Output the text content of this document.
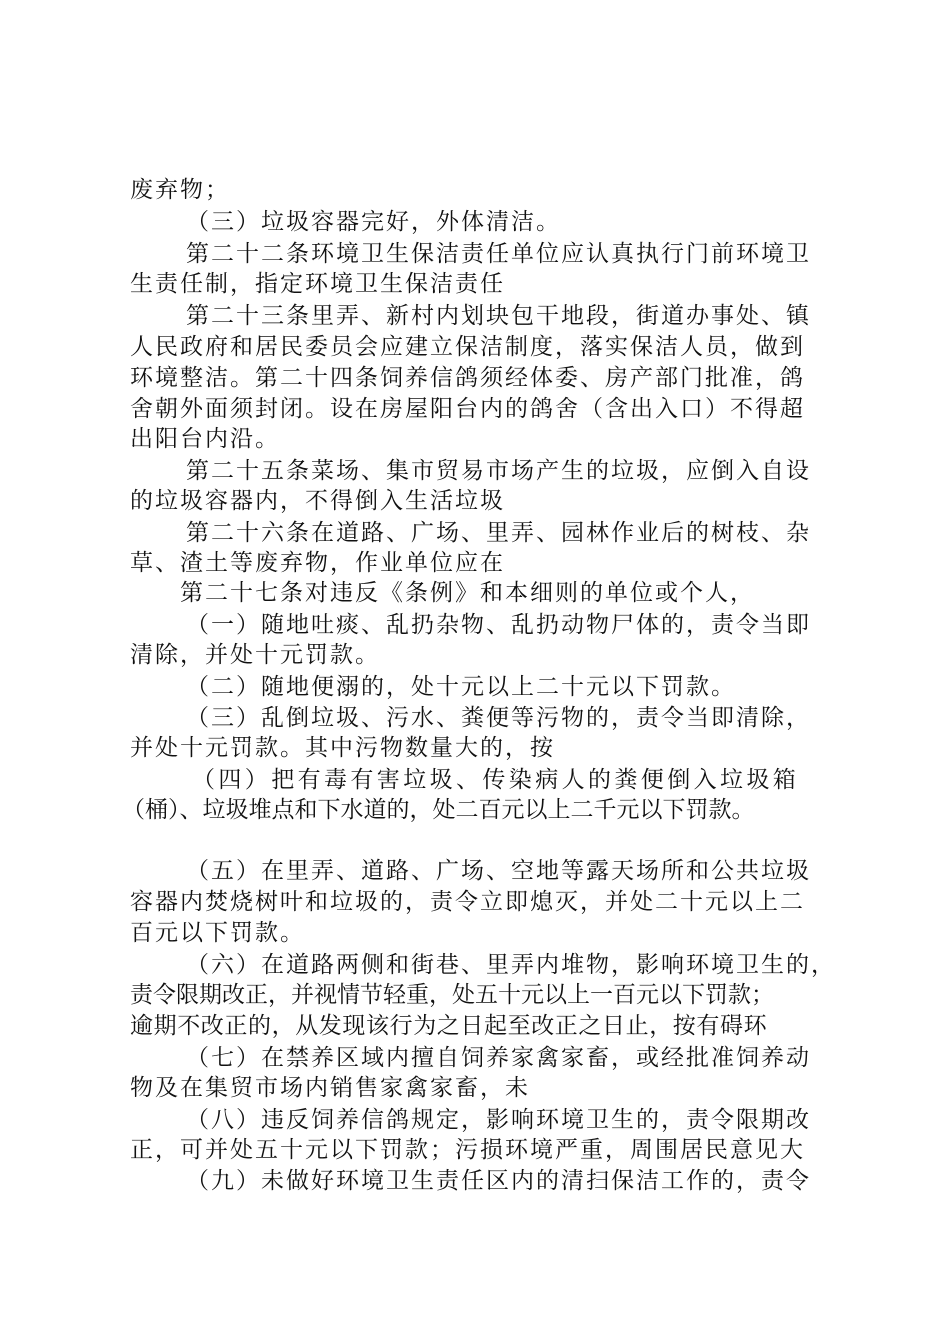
废弃物；
（三）垃圾容器完好，外体清洁。
第二十二条环境卫生保洁责任单位应认真执行门前环境卫
生责任制，指定环境卫生保洁责任
第二十三条里弄、新村内划块包干地段，街道办事处、镇
人民政府和居民委员会应建立保洁制度，落实保洁人员，做到
环境整洁。第二十四条饲养信鸽须经体委、房产部门批准，鸽
舍朝外面须封闭。设在房屋阳台内的鸽舍（含出入口）不得超
出阳台内沿。
第二十五条菜场、集市贸易市场产生的垃圾，应倒入自设
的垃圾容器内，不得倒入生活垃圾
第二十六条在道路、广场、里弄、园林作业后的树枝、杂
草、渣土等废弃物，作业单位应在
第二十七条对违反《条例》和本细则的单位或个人，
（一）随地吐痰、乱扔杂物、乱扔动物尸体的，责令当即
清除，并处十元罚款。
（二）随地便溺的，处十元以上二十元以下罚款。
（三）乱倒垃圾、污水、粪便等污物的，责令当即清除，
并处十元罚款。其中污物数量大的，按
（四）把有毒有害垃圾、传染病人的粪便倒入垃圾箱
（桶）、垃圾堆点和下水道的，处二百元以上二千元以下罚款。
（五）在里弄、道路、广场、空地等露天场所和公共垃圾
容器内焚烧树叶和垃圾的，责令立即熄灭，并处二十元以上二
百元以下罚款。
（六）在道路两侧和街巷、里弄内堆物，影响环境卫生的，
责令限期改正，并视情节轻重，处五十元以上一百元以下罚款；
逾期不改正的，从发现该行为之日起至改正之日止，按有碍环
（七）在禁养区域内擅自饲养家禽家畜，或经批准饲养动
物及在集贸市场内销售家禽家畜，未
（八）违反饲养信鸽规定，影响环境卫生的，责令限期改
正，可并处五十元以下罚款；污损环境严重，周围居民意见大
（九）未做好环境卫生责任区内的清扫保洁工作的，责令
